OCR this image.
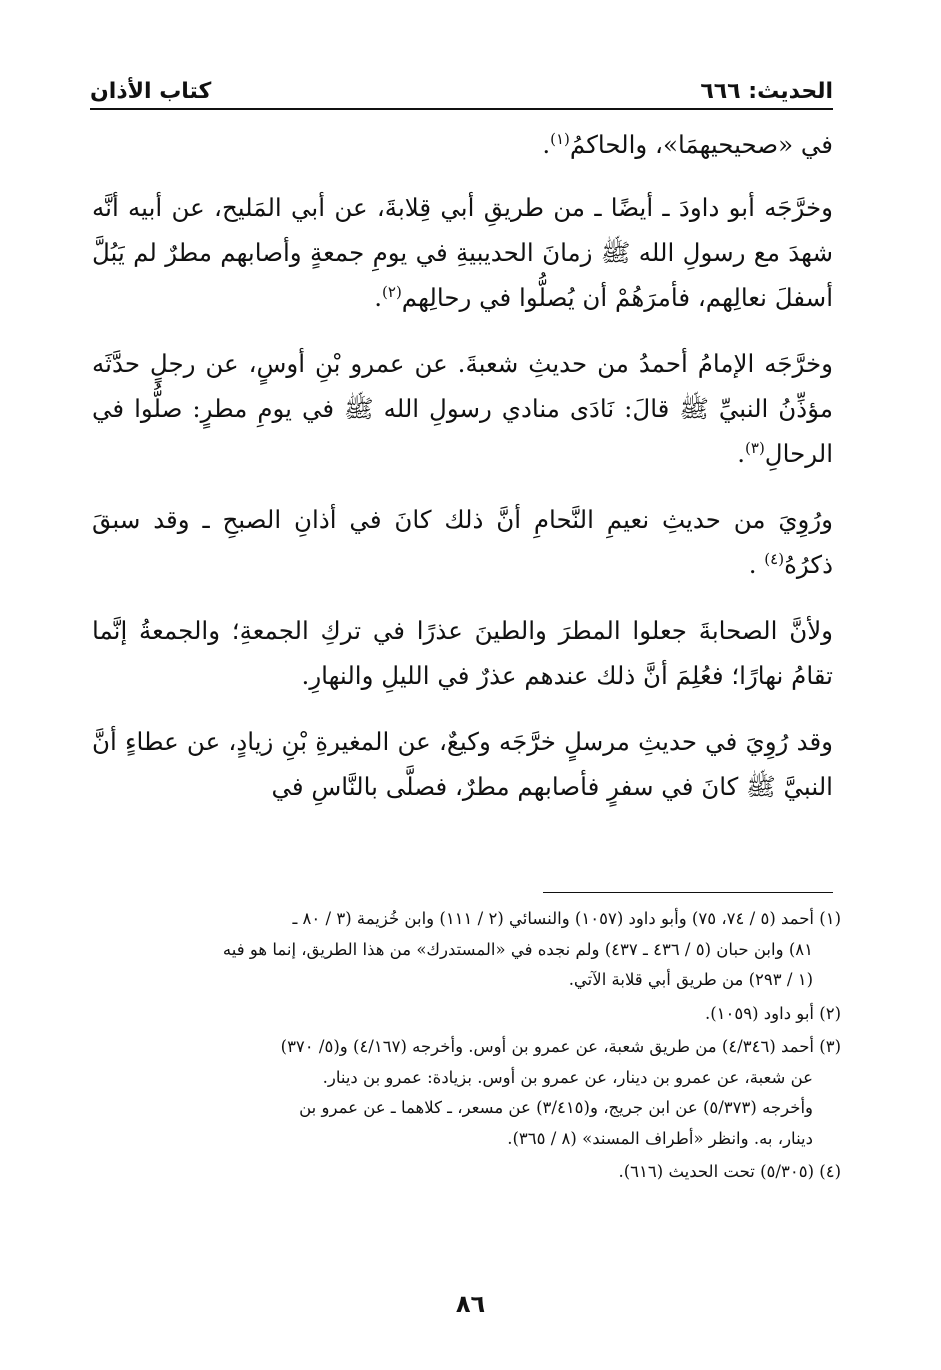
الحديث: ٦٦٦
كتاب الأذان

في «صحيحيهمَا»، والحاكمُ$^{(١)}$.

وخرَّجَه أبو داودَ ـ أيضًا ـ من طريقِ أبي قِلابةَ، عن أبي المَليح، عن أبيه أنَّه شهدَ مع رسولِ الله ﷺ زمانَ الحديبيةِ في يومِ جمعةٍ وأصابهم مطرٌ لم يَبُلَّ أسفلَ نعالِهم، فأمرَهُمْ أن يُصلُّوا في رحالِهم$^{(٢)}$.

وخرَّجَه الإمامُ أحمدُ من حديثِ شعبةَ. عن عمرو بْنِ أوسٍ، عن رجلٍ حدَّثَه مؤذِّنُ النبيِّ ﷺ قالَ: نَادَى منادي رسولِ الله ﷺ في يومِ مطرٍ: صلُّوا في الرحالِ$^{(٣)}$.

ورُوِيَ من حديثِ نعيمِ النَّحامِ أنَّ ذلك كانَ في أذانِ الصبحِ ـ وقد سبقَ ذكرُهُ$^{(٤)}$ .

ولأنَّ الصحابةَ جعلوا المطرَ والطينَ عذرًا في تركِ الجمعةِ؛ والجمعةُ إنَّما تقامُ نهارًا؛ فعُلِمَ أنَّ ذلك عندهم عذرٌ في الليلِ والنهارِ.

وقد رُوِيَ في حديثِ مرسلٍ خرَّجَه وكيعٌ، عن المغيرةِ بْنِ زيادٍ، عن عطاءٍ أنَّ النبيَّ ﷺ كانَ في سفرٍ فأصابهم مطرٌ، فصلَّى بالنَّاسِ في

(١) أحمد (٥ / ٧٤، ٧٥) وأبو داود (١٠٥٧) والنسائي (٢ / ١١١) وابن خُزيمة (٣ / ٨٠ ـ
٨١) وابن حبان (٥ / ٤٣٦ ـ ٤٣٧) ولم نجده في «المستدرك» من هذا الطريق، إنما هو فيه
(١ / ٢٩٣) من طريق أبي قلابة الآتي.
(٢) أبو داود (١٠٥٩).
(٣) أحمد (٤/٣٤٦) من طريق شعبة، عن عمرو بن أوس. وأخرجه (٤/١٦٧) و(٥/ ٣٧٠)
عن شعبة، عن عمرو بن دينار، عن عمرو بن أوس. بزيادة: عمرو بن دينار.
وأخرجه (٥/٣٧٣) عن ابن جريج، و(٣/٤١٥) عن مسعر، ـ كلاهما ـ عن عمرو بن
دينار، به. وانظر «أطراف المسند» (٨ / ٣٦٥).
(٤) (٥/٣٠٥) تحت الحديث (٦١٦).
٨٦
